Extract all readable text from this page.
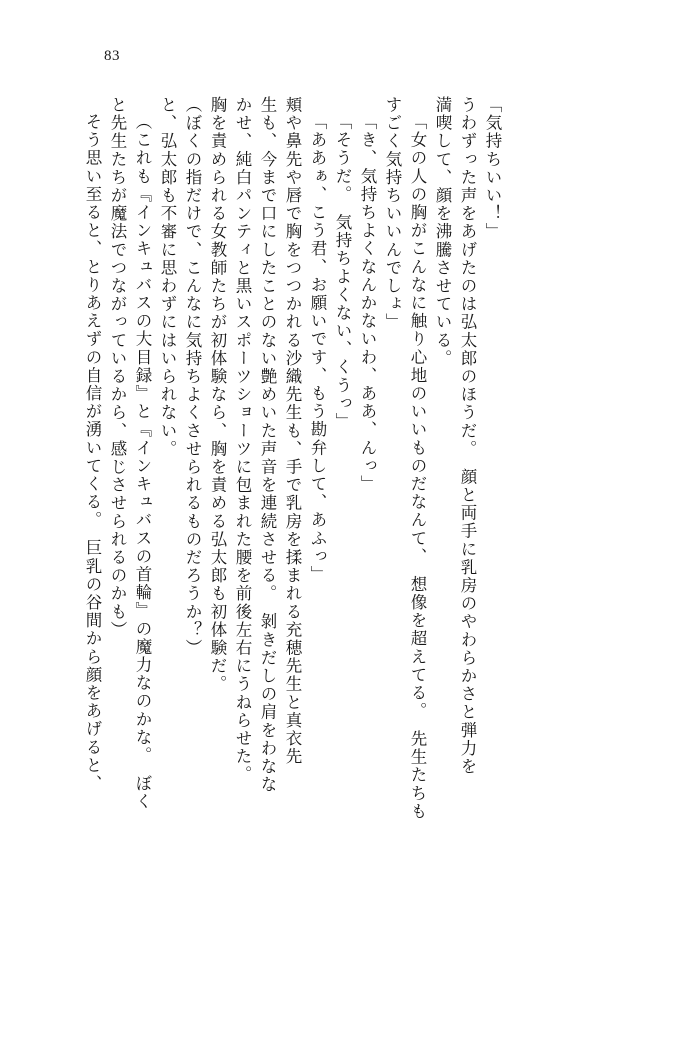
83
そう思い至ると、とりあえずの自信が湧いてくる。　巨乳の谷間から顔をあげると、 と先生たちが魔法でつながっているから、感じさせられるのかも） （これも『インキュバスの大目録』と『インキュバスの首輪』の魔力なのかな。　ぼく と、弘太郎も不審に思わずにはいられない。 （ぼくの指だけで、こんなに気持ちよくさせられるものだろうか？） 胸を責められる女教師たちが初体験なら、胸を責める弘太郎も初体験だ。 かせ、純白パンティと黒いスポーツショーツに包まれた腰を前後左右にうねらせた。 生も、今まで口にしたことのない艶めいた声音を連続させる。　剝きだしの肩をわなな 頬や鼻先や唇で胸をつつかれる沙織先生も、手で乳房を揉まれる充穂先生と真衣先 「ああぁ、こう君、お願いです、もう勘弁して、あふっ」 「そうだ。　気持ちよくない、くうっ」 「き、気持ちよくなんかないわ、ああ、んっ」 すごく気持ちいいんでしょ」 「女の人の胸がこんなに触り心地のいいものだなんて、　想像を超えてる。　先生たちも 満喫して、顔を沸騰させている。 うわずった声をあげたのは弘太郎のほうだ。　顔と両手に乳房のやわらかさと弾力を 「気持ちいい！」
